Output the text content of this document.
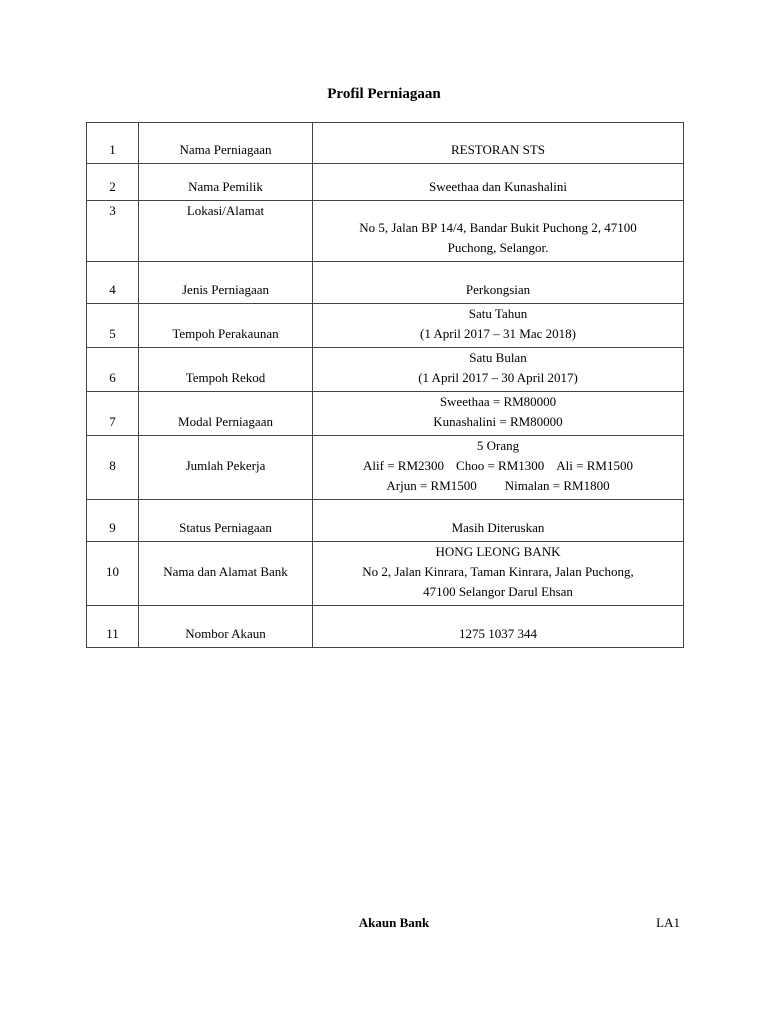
Profil Perniagaan
1	Nama Perniagaan	RESTORAN STS

2	Nama Pemilik	Sweethaa dan Kunashalini

3	Lokasi/Alamat	No 5, Jalan BP 14/4, Bandar Bukit Puchong 2, 47100
Puchong, Selangor.

4	Jenis Perniagaan	Perkongsian

5	Tempoh Perakaunan	Satu Tahun
(1 April 2017 – 31 Mac 2018)

6	Tempoh Rekod	Satu Bulan
(1 April 2017 – 30 April 2017)

7	Modal Perniagaan	Sweethaa = RM80000
Kunashalini = RM80000

8	Jumlah Pekerja	5 Orang
Alif = RM2300 Choo = RM1300 Ali = RM1500
Arjun = RM1500 Nimalan = RM1800

9	Status Perniagaan	Masih Diteruskan

10	Nama dan Alamat Bank	HONG LEONG BANK
No 2, Jalan Kinrara, Taman Kinrara, Jalan Puchong,
47100 Selangor Darul Ehsan

11	Nombor Akaun	1275 1037 344
Akaun Bank	LA1
